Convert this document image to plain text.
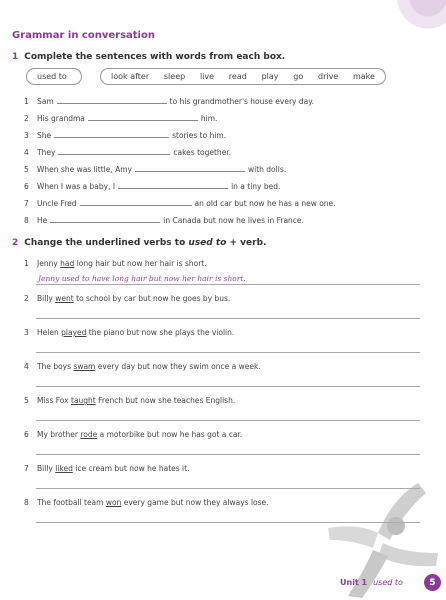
Grammar in conversation
1 Complete the sentences with words from each box.
used to	look after sleep live read play go drive make
1	Sam	to his grandmother's house every day.
2	His grandma	him.
3	She	stories to him.
4	They	cakes together.
5	When she was little, Amy	with dolls.
6	When I was a baby, I	in a tiny bed.
7	Uncle Fred	an old car but now he has a new one.
8	He	in Canada but now he lives in France.
2 Change the underlined verbs to used to + verb.
1	Jenny
had
long hair but now her hair is short.
Jenny used to have long hair but now her hair is short.
2	Billy
went
to school by car but now he goes by bus.
3	Helen
played
the piano but now she plays the violin.
4	The boys
swam
every day but now they swim once a week.
5	Miss Fox
taught
French but now she teaches English.
6	My brother
rode
a motorbike but now he has got a car.
7	Billy
liked
ice cream but now he hates it.
8	The football team
won
every game but now they always lose.
Unit 1 used to	5
